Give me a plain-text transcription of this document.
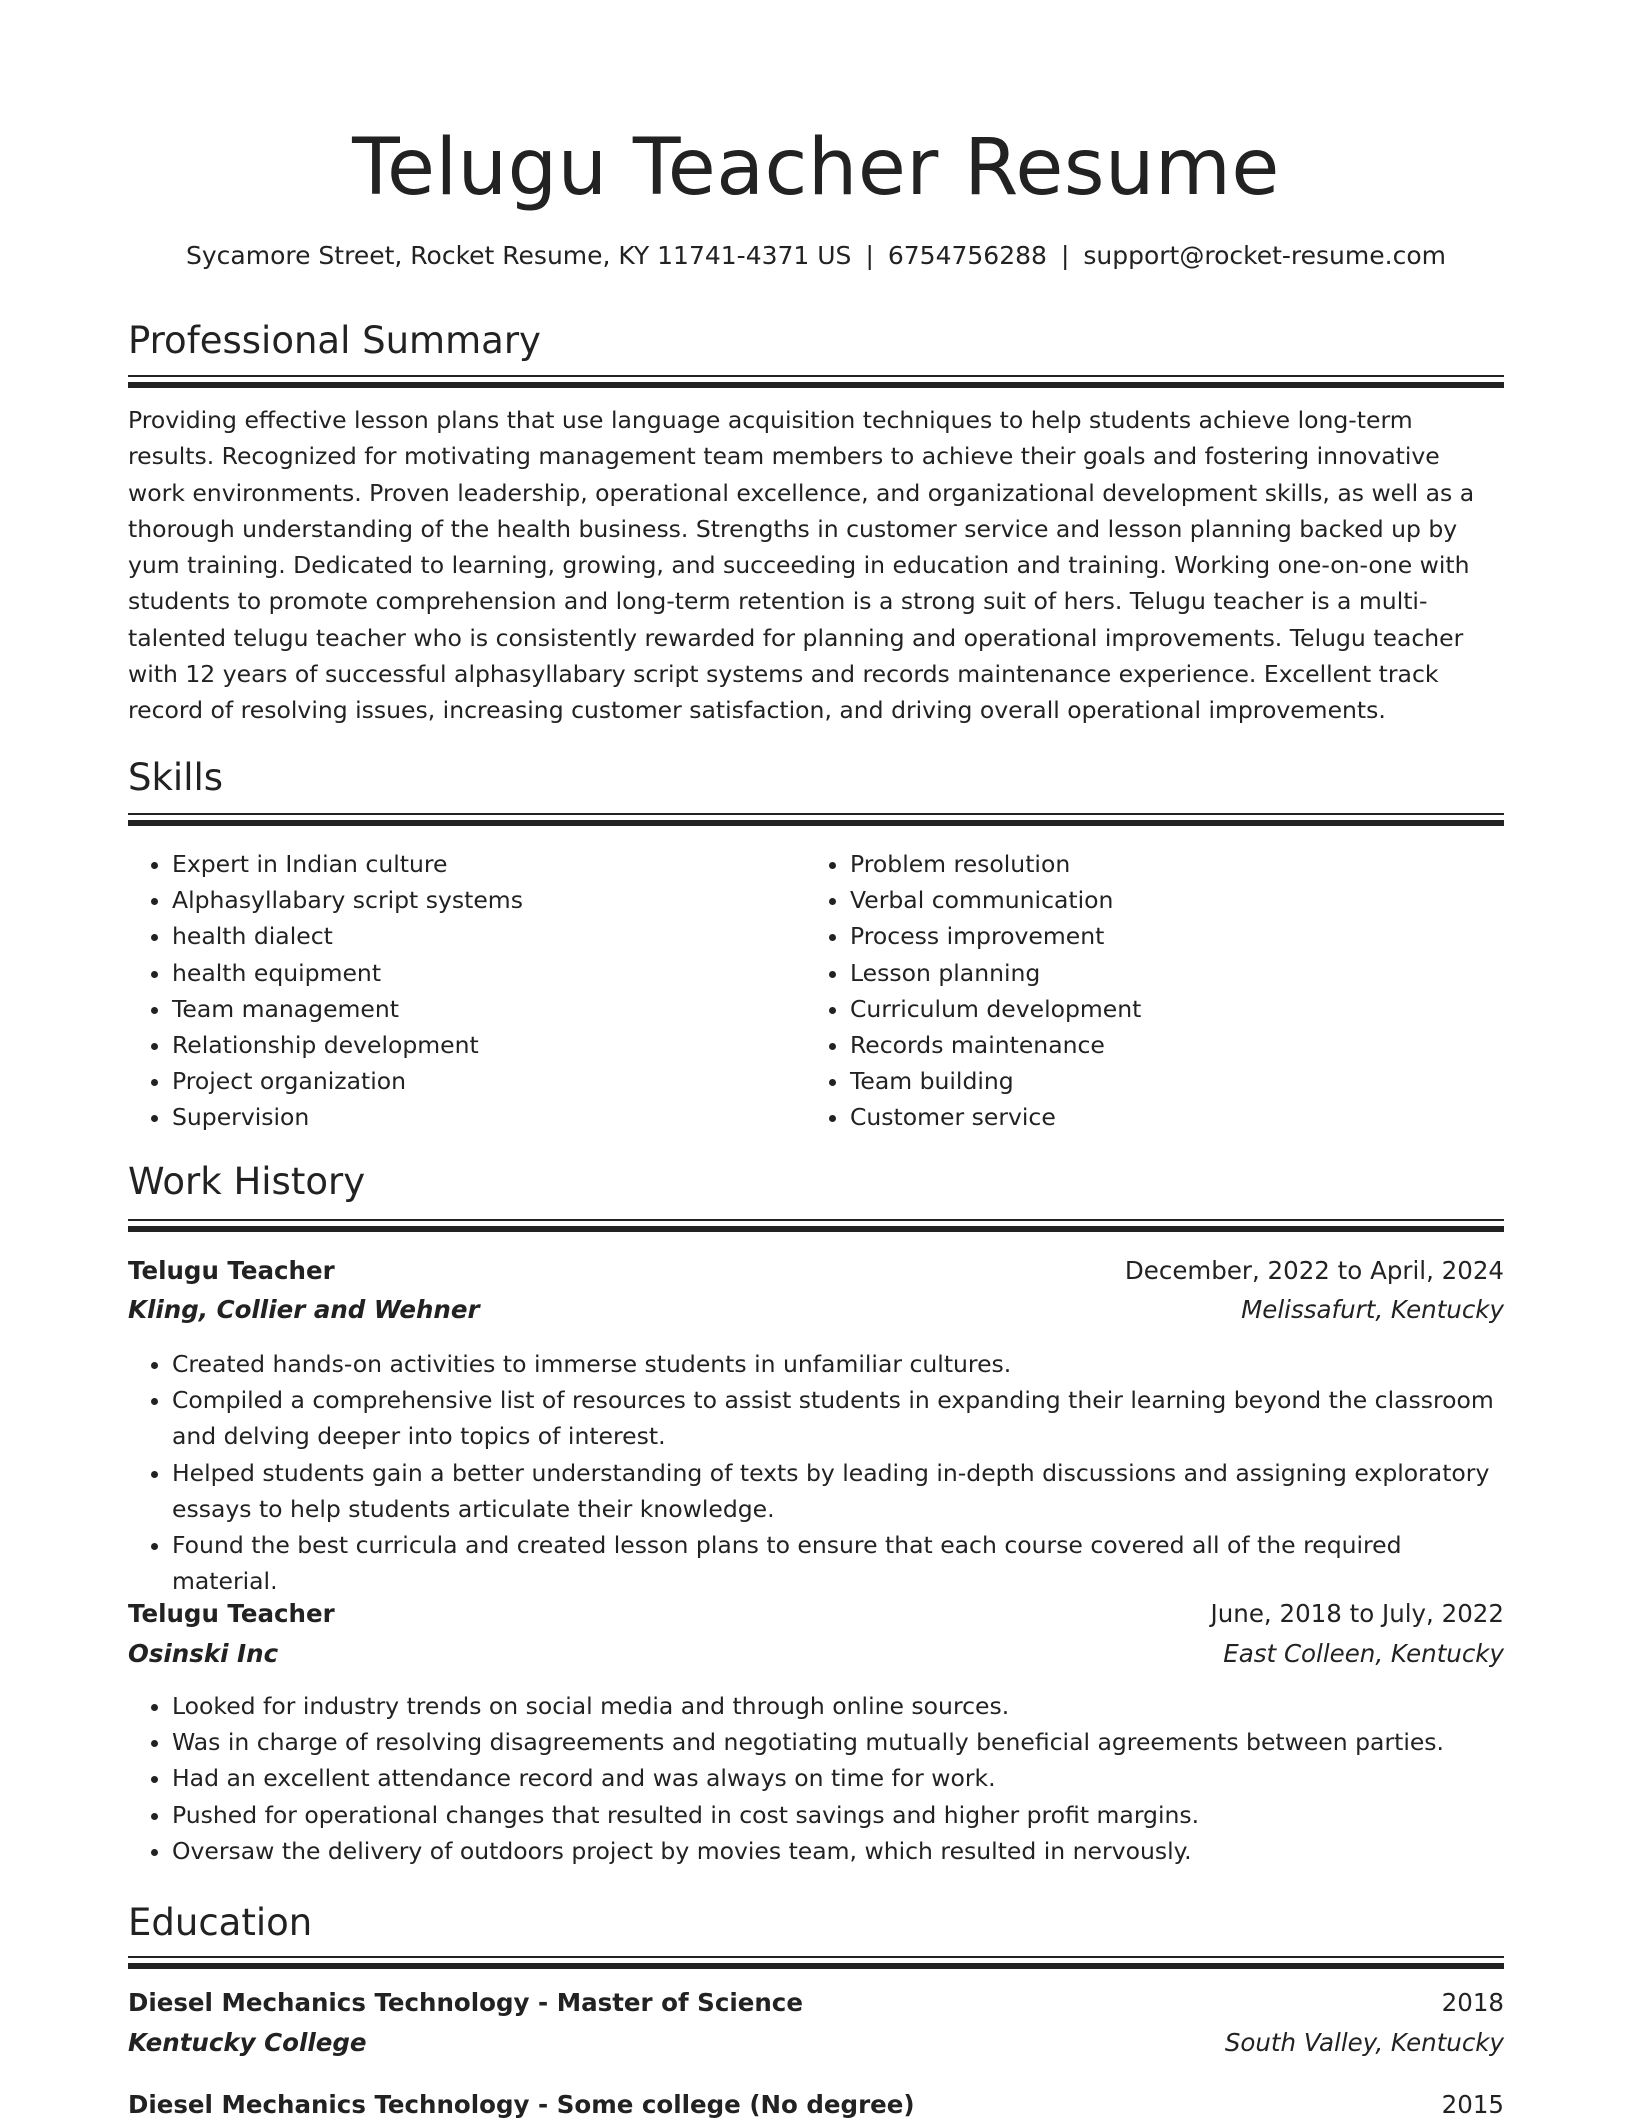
Telugu Teacher Resume
Sycamore Street, Rocket Resume, KY 11741-4371 US | 6754756288 | support@rocket-resume.com
Professional Summary

Providing effective lesson plans that use language acquisition techniques to help students achieve long-term results. Recognized for motivating management team members to achieve their goals and fostering innovative work environments. Proven leadership, operational excellence, and organizational development skills, as well as a thorough understanding of the health business. Strengths in customer service and lesson planning backed up by yum training. Dedicated to learning, growing, and succeeding in education and training. Working one-on-one with students to promote comprehension and long-term retention is a strong suit of hers. Telugu teacher is a multi-talented telugu teacher who is consistently rewarded for planning and operational improvements. Telugu teacher with 12 years of successful alphasyllabary script systems and records maintenance experience. Excellent track record of resolving issues, increasing customer satisfaction, and driving overall operational improvements.

Skills
• Expert in Indian culture
• Alphasyllabary script systems
• health dialect
• health equipment
• Team management
• Relationship development
• Project organization
• Supervision
• Problem resolution
• Verbal communication
• Process improvement
• Lesson planning
• Curriculum development
• Records maintenance
• Team building
• Customer service
Work History
Telugu Teacher	December, 2022 to April, 2024
Kling, Collier and Wehner	Melissafurt, Kentucky
• Created hands-on activities to immerse students in unfamiliar cultures.
• Compiled a comprehensive list of resources to assist students in expanding their learning beyond the classroom and delving deeper into topics of interest.
• Helped students gain a better understanding of texts by leading in-depth discussions and assigning exploratory essays to help students articulate their knowledge.
• Found the best curricula and created lesson plans to ensure that each course covered all of the required material.
Telugu Teacher	June, 2018 to July, 2022
Osinski Inc	East Colleen, Kentucky
• Looked for industry trends on social media and through online sources.
• Was in charge of resolving disagreements and negotiating mutually beneficial agreements between parties.
• Had an excellent attendance record and was always on time for work.
• Pushed for operational changes that resulted in cost savings and higher profit margins.
• Oversaw the delivery of outdoors project by movies team, which resulted in nervously.
Education
Diesel Mechanics Technology - Master of Science	2018
Kentucky College	South Valley, Kentucky
Diesel Mechanics Technology - Some college (No degree)	2015
